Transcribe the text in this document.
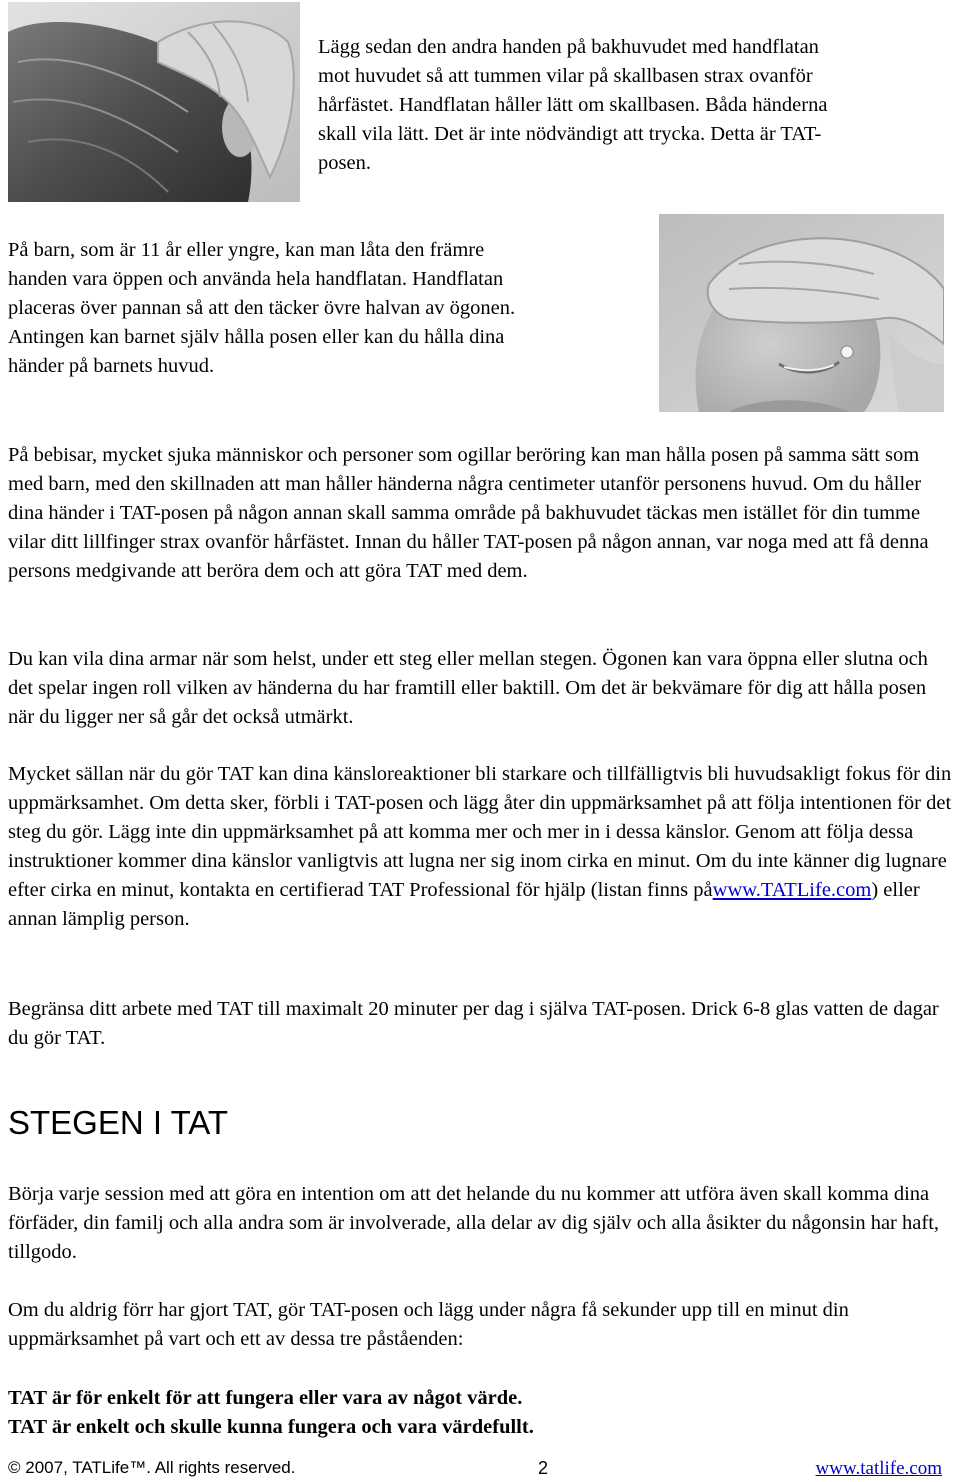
Lägg sedan den andra handen på bakhuvudet med handflatan
mot huvudet så att tummen vilar på skallbasen strax ovanför
hårfästet. Handflatan håller lätt om skallbasen. Båda händerna
skall vila lätt. Det är inte nödvändigt att trycka. Detta är TAT-
posen.
På barn, som är 11 år eller yngre, kan man låta den främre
handen vara öppen och använda hela handflatan. Handflatan
placeras över pannan så att den täcker övre halvan av ögonen.
Antingen kan barnet själv hålla posen eller kan du hålla dina
händer på barnets huvud.

På bebisar, mycket sjuka människor och personer som ogillar beröring kan man hålla posen på samma sätt som med barn, med den skillnaden att man håller händerna några centimeter utanför personens huvud. Om du håller dina händer i TAT-posen på någon annan skall samma område på bakhuvudet täckas men istället för din tumme vilar ditt lillfinger strax ovanför hårfästet. Innan du håller TAT-posen på någon annan, var noga med att få denna persons medgivande att beröra dem och att göra TAT med dem.

Du kan vila dina armar när som helst, under ett steg eller mellan stegen. Ögonen kan vara öppna eller slutna och det spelar ingen roll vilken av händerna du har framtill eller baktill. Om det är bekvämare för dig att hålla posen när du ligger ner så går det också utmärkt.

Mycket sällan när du gör TAT kan dina känsloreaktioner bli starkare och tillfälligtvis bli huvudsakligt fokus för din uppmärksamhet. Om detta sker, förbli i TAT-posen och lägg åter din uppmärksamhet på att följa intentionen för det steg du gör. Lägg inte din uppmärksamhet på att komma mer och mer in i dessa känslor. Genom att följa dessa instruktioner kommer dina känslor vanligtvis att lugna ner sig inom cirka en minut. Om du inte känner dig lugnare efter cirka en minut, kontakta en certifierad TAT Professional för hjälp (listan finns påwww.TATLife.com) eller annan lämplig person.

Begränsa ditt arbete med TAT till maximalt 20 minuter per dag i själva TAT-posen. Drick 6-8 glas vatten de dagar du gör TAT.

STEGEN I TAT

Börja varje session med att göra en intention om att det helande du nu kommer att utföra även skall komma dina förfäder, din familj och alla andra som är involverade, alla delar av dig själv och alla åsikter du någonsin har haft, tillgodo.

Om du aldrig förr har gjort TAT, gör TAT-posen och lägg under några få sekunder upp till en minut din uppmärksamhet på vart och ett av dessa tre påståenden:

TAT är för enkelt för att fungera eller vara av något värde.
TAT är enkelt och skulle kunna fungera och vara värdefullt.
© 2007, TATLife™. All rights reserved.	2	www.tatlife.com
